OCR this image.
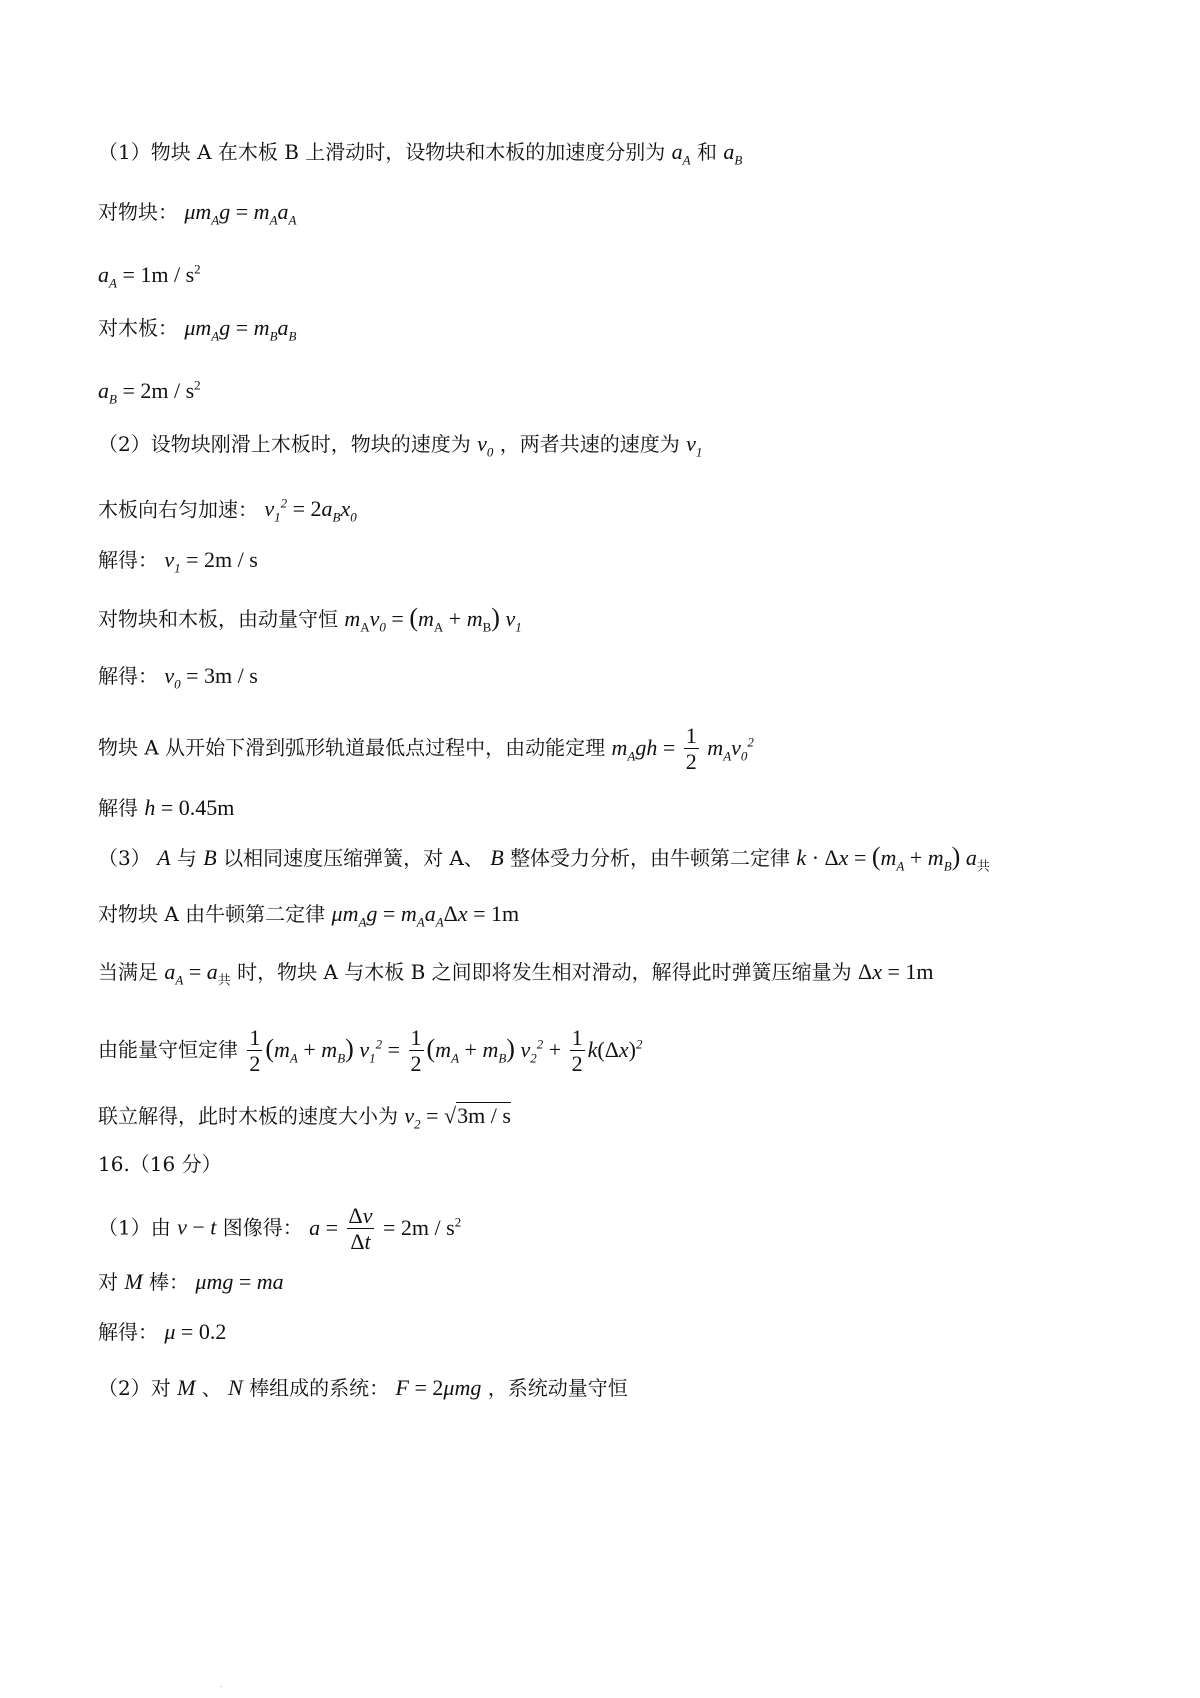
（1）物块 A 在木板 B 上滑动时，设物块和木板的加速度分别为 $a_A$ 和 $a_B$
对物块： $\mu m_Ag = m_Aa_A$
$a_A = 1m / s^2$
对木板： $\mu m_Ag = m_Ba_B$
$a_B = 2m / s^2$
（2）设物块刚滑上木板时，物块的速度为 $v_0$ ，两者共速的速度为 $v_1$
木板向右匀加速： $v_1^2 = 2a_Bx_0$
解得： $v_1 = 2m / s$
对物块和木板，由动量守恒 $m_Av_0 = (m_A + m_B)$ $v_1$
解得： $v_0 = 3m / s$
物块 A 从开始下滑到弧形轨道最低点过程中，由动能定理 $m_Agh = \frac{1}{2} m_Av_0^2$
解得 h = 0.45m
（3） A 与 B 以相同速度压缩弹簧，对 A、 B 整体受力分析，由牛顿第二定律 $k \cdot \Delta x = (m_A + m_B)$ $a_共$
对物块 A 由牛顿第二定律 $\mu m_Ag = m_Aa_A\Delta x = 1m$
当满足 $a_A = a_共$ 时，物块 A 与木板 B 之间即将发生相对滑动，解得此时弹簧压缩量为 Δx = 1m
由能量守恒定律 $\frac{1}{2} (m_A + m_B) v_1^2 = \frac{1}{2} (m_A + m_B) v_2^2 + \frac{1}{2} k(\Delta x)^2$
联立解得，此时木板的速度大小为 $v_2 = √3m / s$
16.（16 分）
（1）由 v − t 图像得： $a = \frac{\Delta v}{\Delta t} = 2m / s^2$
对 M 棒： μmg = ma
解得： μ = 0.2
（2）对 M 、 N 棒组成的系统： F = 2μmg ，系统动量守恒
.
